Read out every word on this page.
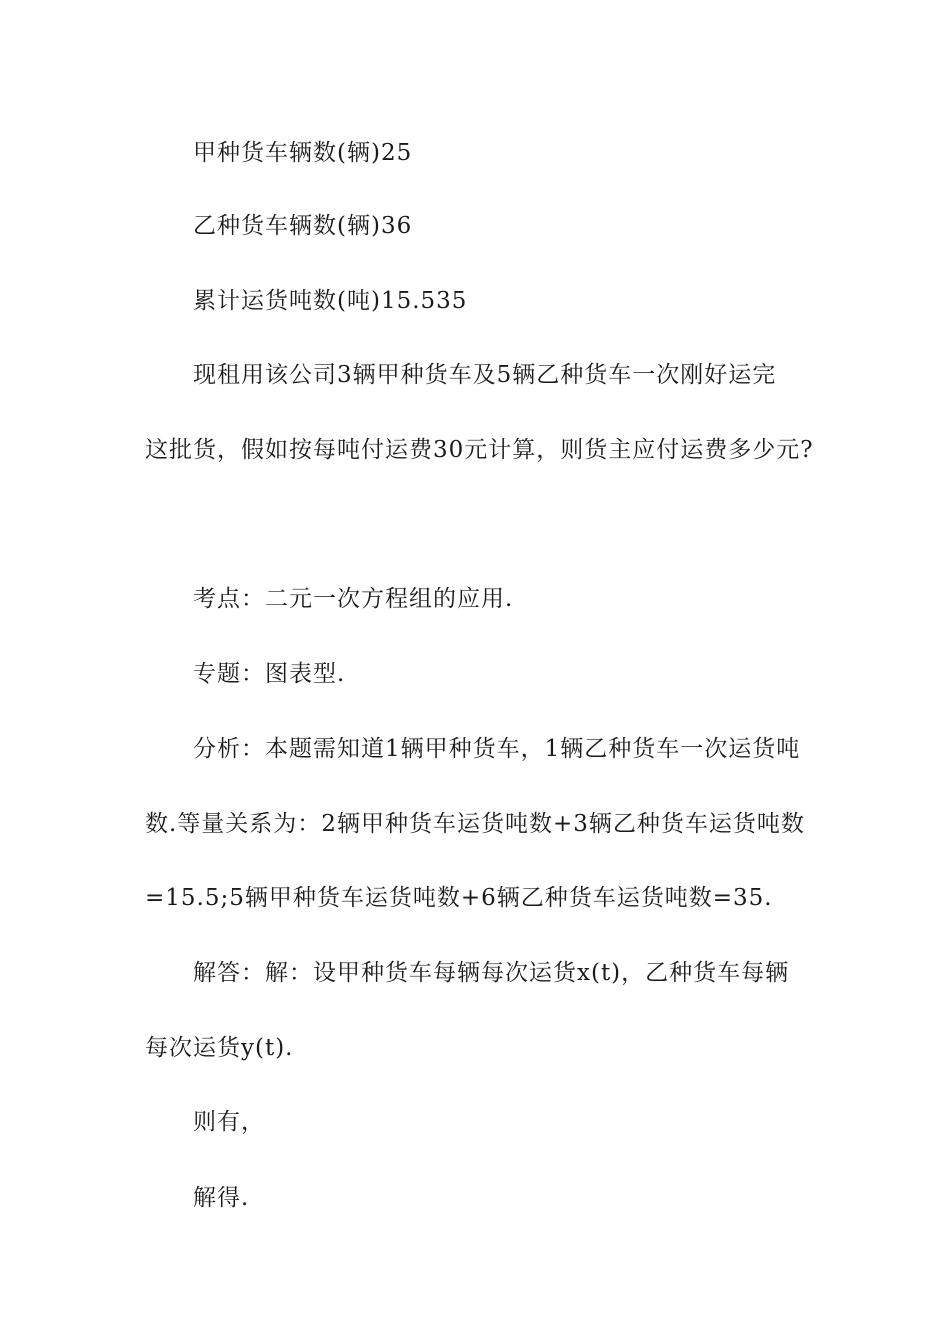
甲种货车辆数(辆)25
乙种货车辆数(辆)36
累计运货吨数(吨)15.535
现租用该公司3辆甲种货车及5辆乙种货车一次刚好运完
这批货，假如按每吨付运费30元计算，则货主应付运费多少元?
考点：二元一次方程组的应用.
专题：图表型.
分析：本题需知道1辆甲种货车，1辆乙种货车一次运货吨
数.等量关系为：2辆甲种货车运货吨数+3辆乙种货车运货吨数
=15.5;5辆甲种货车运货吨数+6辆乙种货车运货吨数=35.
解答：解：设甲种货车每辆每次运货x(t)，乙种货车每辆
每次运货y(t).
则有，
解得.
